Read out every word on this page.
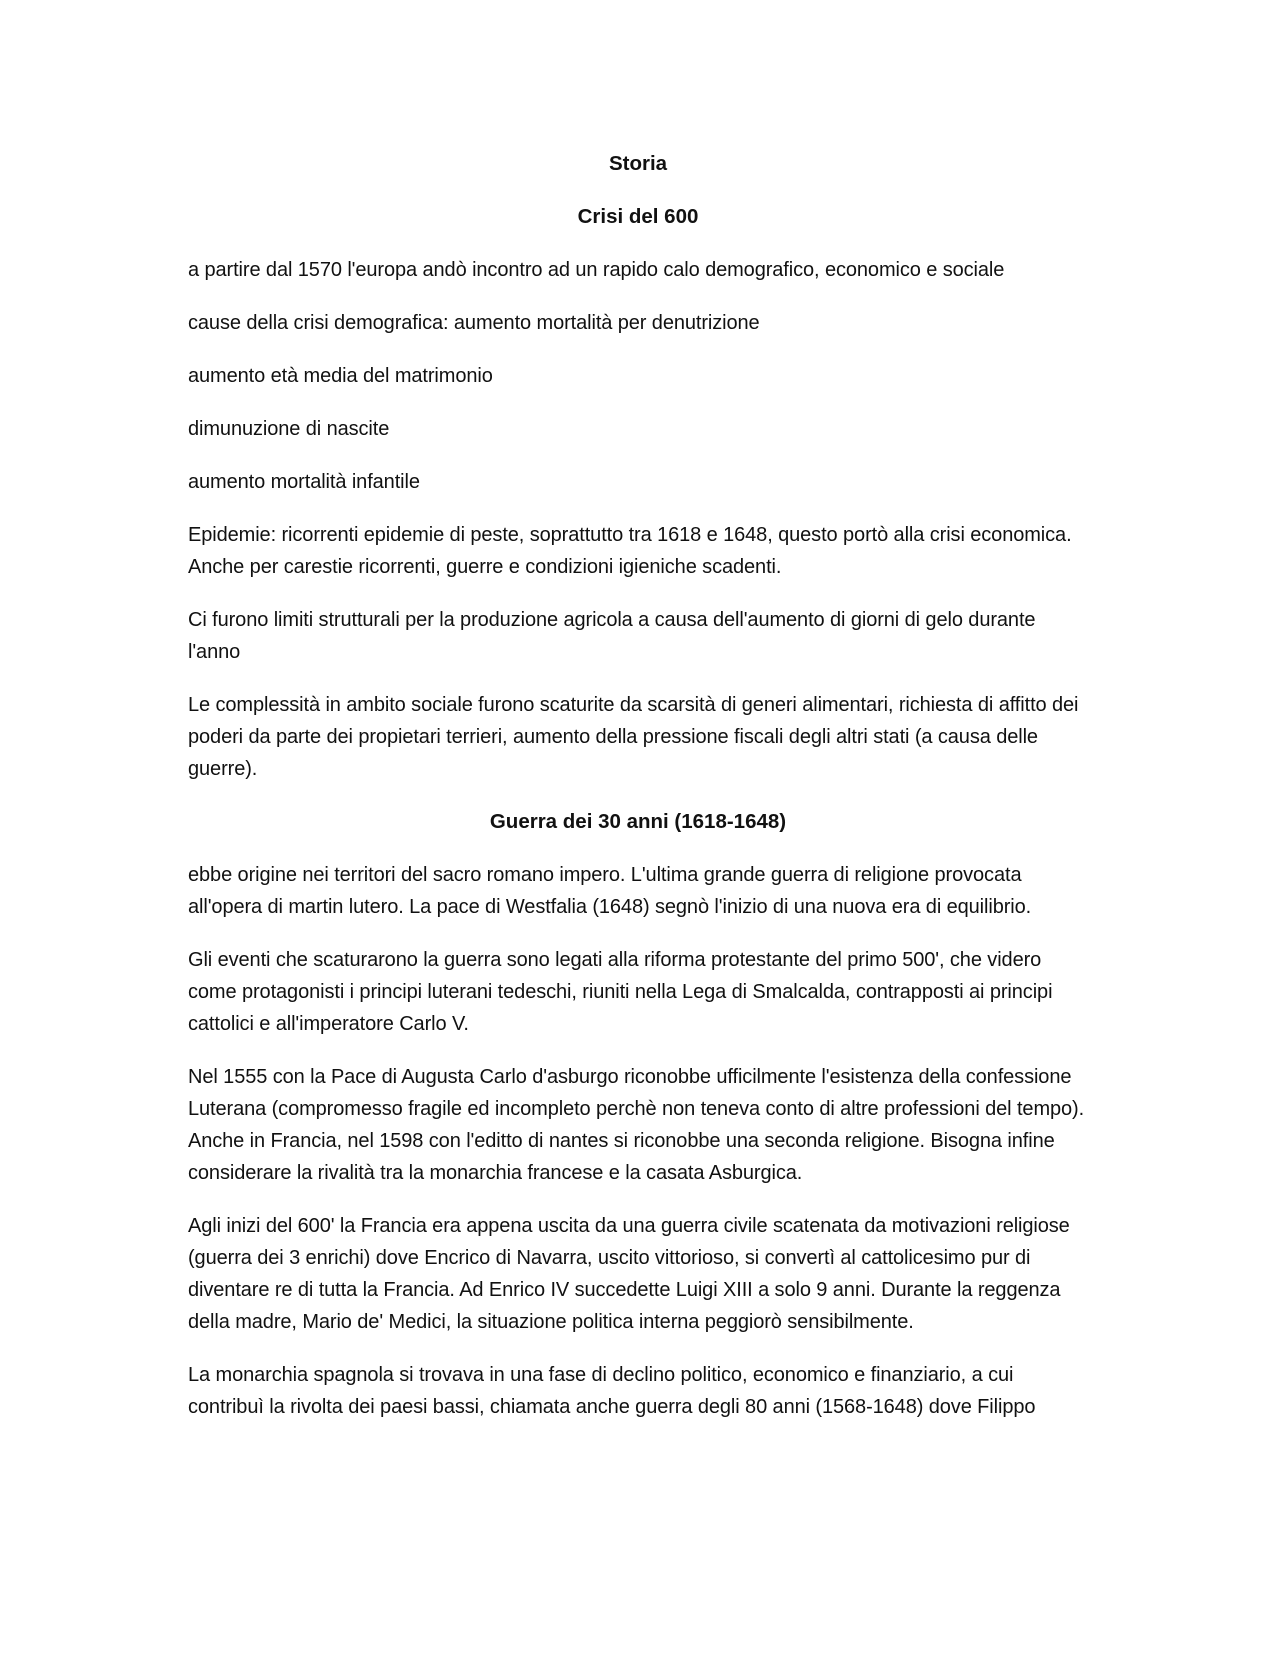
Storia
Crisi del 600
a partire dal 1570 l'europa andò incontro ad un rapido calo demografico, economico e sociale
cause della crisi demografica: aumento mortalità per denutrizione
aumento età media del matrimonio
dimunuzione di nascite
aumento mortalità infantile
Epidemie: ricorrenti epidemie di peste, soprattutto tra 1618 e 1648, questo portò alla crisi economica. Anche per carestie ricorrenti, guerre e condizioni igieniche scadenti.
Ci furono limiti strutturali per la produzione agricola a causa dell'aumento di giorni di gelo durante l'anno
Le complessità in ambito sociale furono scaturite da scarsità di generi alimentari, richiesta di affitto dei poderi da parte dei propietari terrieri, aumento della pressione fiscali degli altri stati (a causa delle guerre).
Guerra dei 30 anni (1618-1648)
ebbe origine nei territori del sacro romano impero. L'ultima grande guerra di religione provocata all'opera di martin lutero. La pace di Westfalia (1648) segnò l'inizio di una nuova era di equilibrio.
Gli eventi che scaturarono la guerra sono legati alla riforma protestante del primo 500', che videro come protagonisti i principi luterani tedeschi, riuniti nella Lega di Smalcalda, contrapposti ai principi cattolici e all'imperatore Carlo V.
Nel 1555 con la Pace di Augusta Carlo d'asburgo riconobbe ufficilmente l'esistenza della confessione Luterana (compromesso fragile ed incompleto perchè non teneva conto di altre professioni del tempo). Anche in Francia, nel 1598 con l'editto di nantes si riconobbe una seconda religione. Bisogna infine considerare la rivalità tra la monarchia francese e la casata Asburgica.
Agli inizi del 600' la Francia era appena uscita da una guerra civile scatenata da motivazioni religiose (guerra dei 3 enrichi) dove Encrico di Navarra, uscito vittorioso, si convertì al cattolicesimo pur di diventare re di tutta la Francia. Ad Enrico IV succedette Luigi XIII a solo 9 anni. Durante la reggenza della madre, Mario de' Medici, la situazione politica interna peggiorò sensibilmente.
La monarchia spagnola si trovava in una fase di declino politico, economico e finanziario, a cui contribuì la rivolta dei paesi bassi, chiamata anche guerra degli 80 anni (1568-1648) dove Filippo
